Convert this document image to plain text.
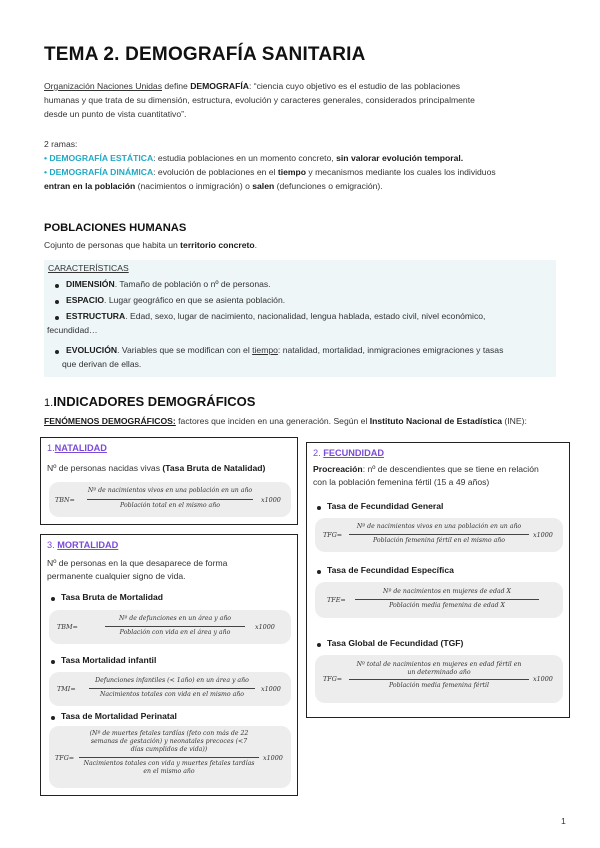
TEMA 2. DEMOGRAFÍA SANITARIA
Organización Naciones Unidas define DEMOGRAFÍA: “ciencia cuyo objetivo es el estudio de las poblaciones
humanas y que trata de su dimensión, estructura, evolución y caracteres generales, considerados principalmente
desde un punto de vista cuantitativo”.
2 ramas:
• DEMOGRAFÍA ESTÁTICA: estudia poblaciones en un momento concreto, sin valorar evolución temporal.
• DEMOGRAFÍA DINÁMICA: evolución de poblaciones en el tiempo y mecanismos mediante los cuales los individuos
entran en la población (nacimientos o inmigración) o salen (defunciones o emigración).
POBLACIONES HUMANAS
Cojunto de personas que habita un territorio concreto.
CARACTERÍSTICAS
DIMENSIÓN. Tamaño de población o nº de personas.
ESPACIO. Lugar geográfico en que se asienta población.
ESTRUCTURA. Edad, sexo, lugar de nacimiento, nacionalidad, lengua hablada, estado civil, nivel económico,
fecundidad…
EVOLUCIÓN. Variables que se modifican con el tiempo: natalidad, mortalidad, inmigraciones emigraciones y tasas
que derivan de ellas.
1.INDICADORES DEMOGRÁFICOS
FENÓMENOS DEMOGRÁFICOS: factores que inciden en una generación. Según el Instituto Nacional de Estadística (INE):
1.NATALIDAD
Nº de personas nacidas vivas (Tasa Bruta de Natalidad)
TBN=
Nº de nacimientos vivos en una población en un año
Población total en el mismo año
x1000
3. MORTALIDAD
Nº de personas en la que desaparece de forma
permanente cualquier signo de vida.
Tasa Bruta de Mortalidad
TBM=
Nº de defunciones en un área y año
Población con vida en el área y año
x1000
Tasa Mortalidad infantil
TMI=
Defunciones infantiles (< 1año) en un área y año
Nacimientos totales con vida en el mismo año
x1000
Tasa de Mortalidad Perinatal
TFG=
(Nº de muertes fetales tardías (feto con más de 22
semanas de gestación) y neonatales precoces (<7
días cumplidos de vida))
Nacimientos totales con vida y muertes fetales tardías
en el mismo año
x1000
2. FECUNDIDAD
Procreación: nº de descendientes que se tiene en relación
con la población femenina fértil (15 a 49 años)
Tasa de Fecundidad General
TFG=
Nº de nacimientos vivos en una población en un año
Población femenina fértil en el mismo año
x1000
Tasa de Fecundidad Específica
TFE=
Nº de nacimientos en mujeres de edad X
Población media femenina de edad X
Tasa Global de Fecundidad (TGF)
TFG=
Nº total de nacimientos en mujeres en edad fértil en
un determinado año
Población media femenina fértil
x1000
1
